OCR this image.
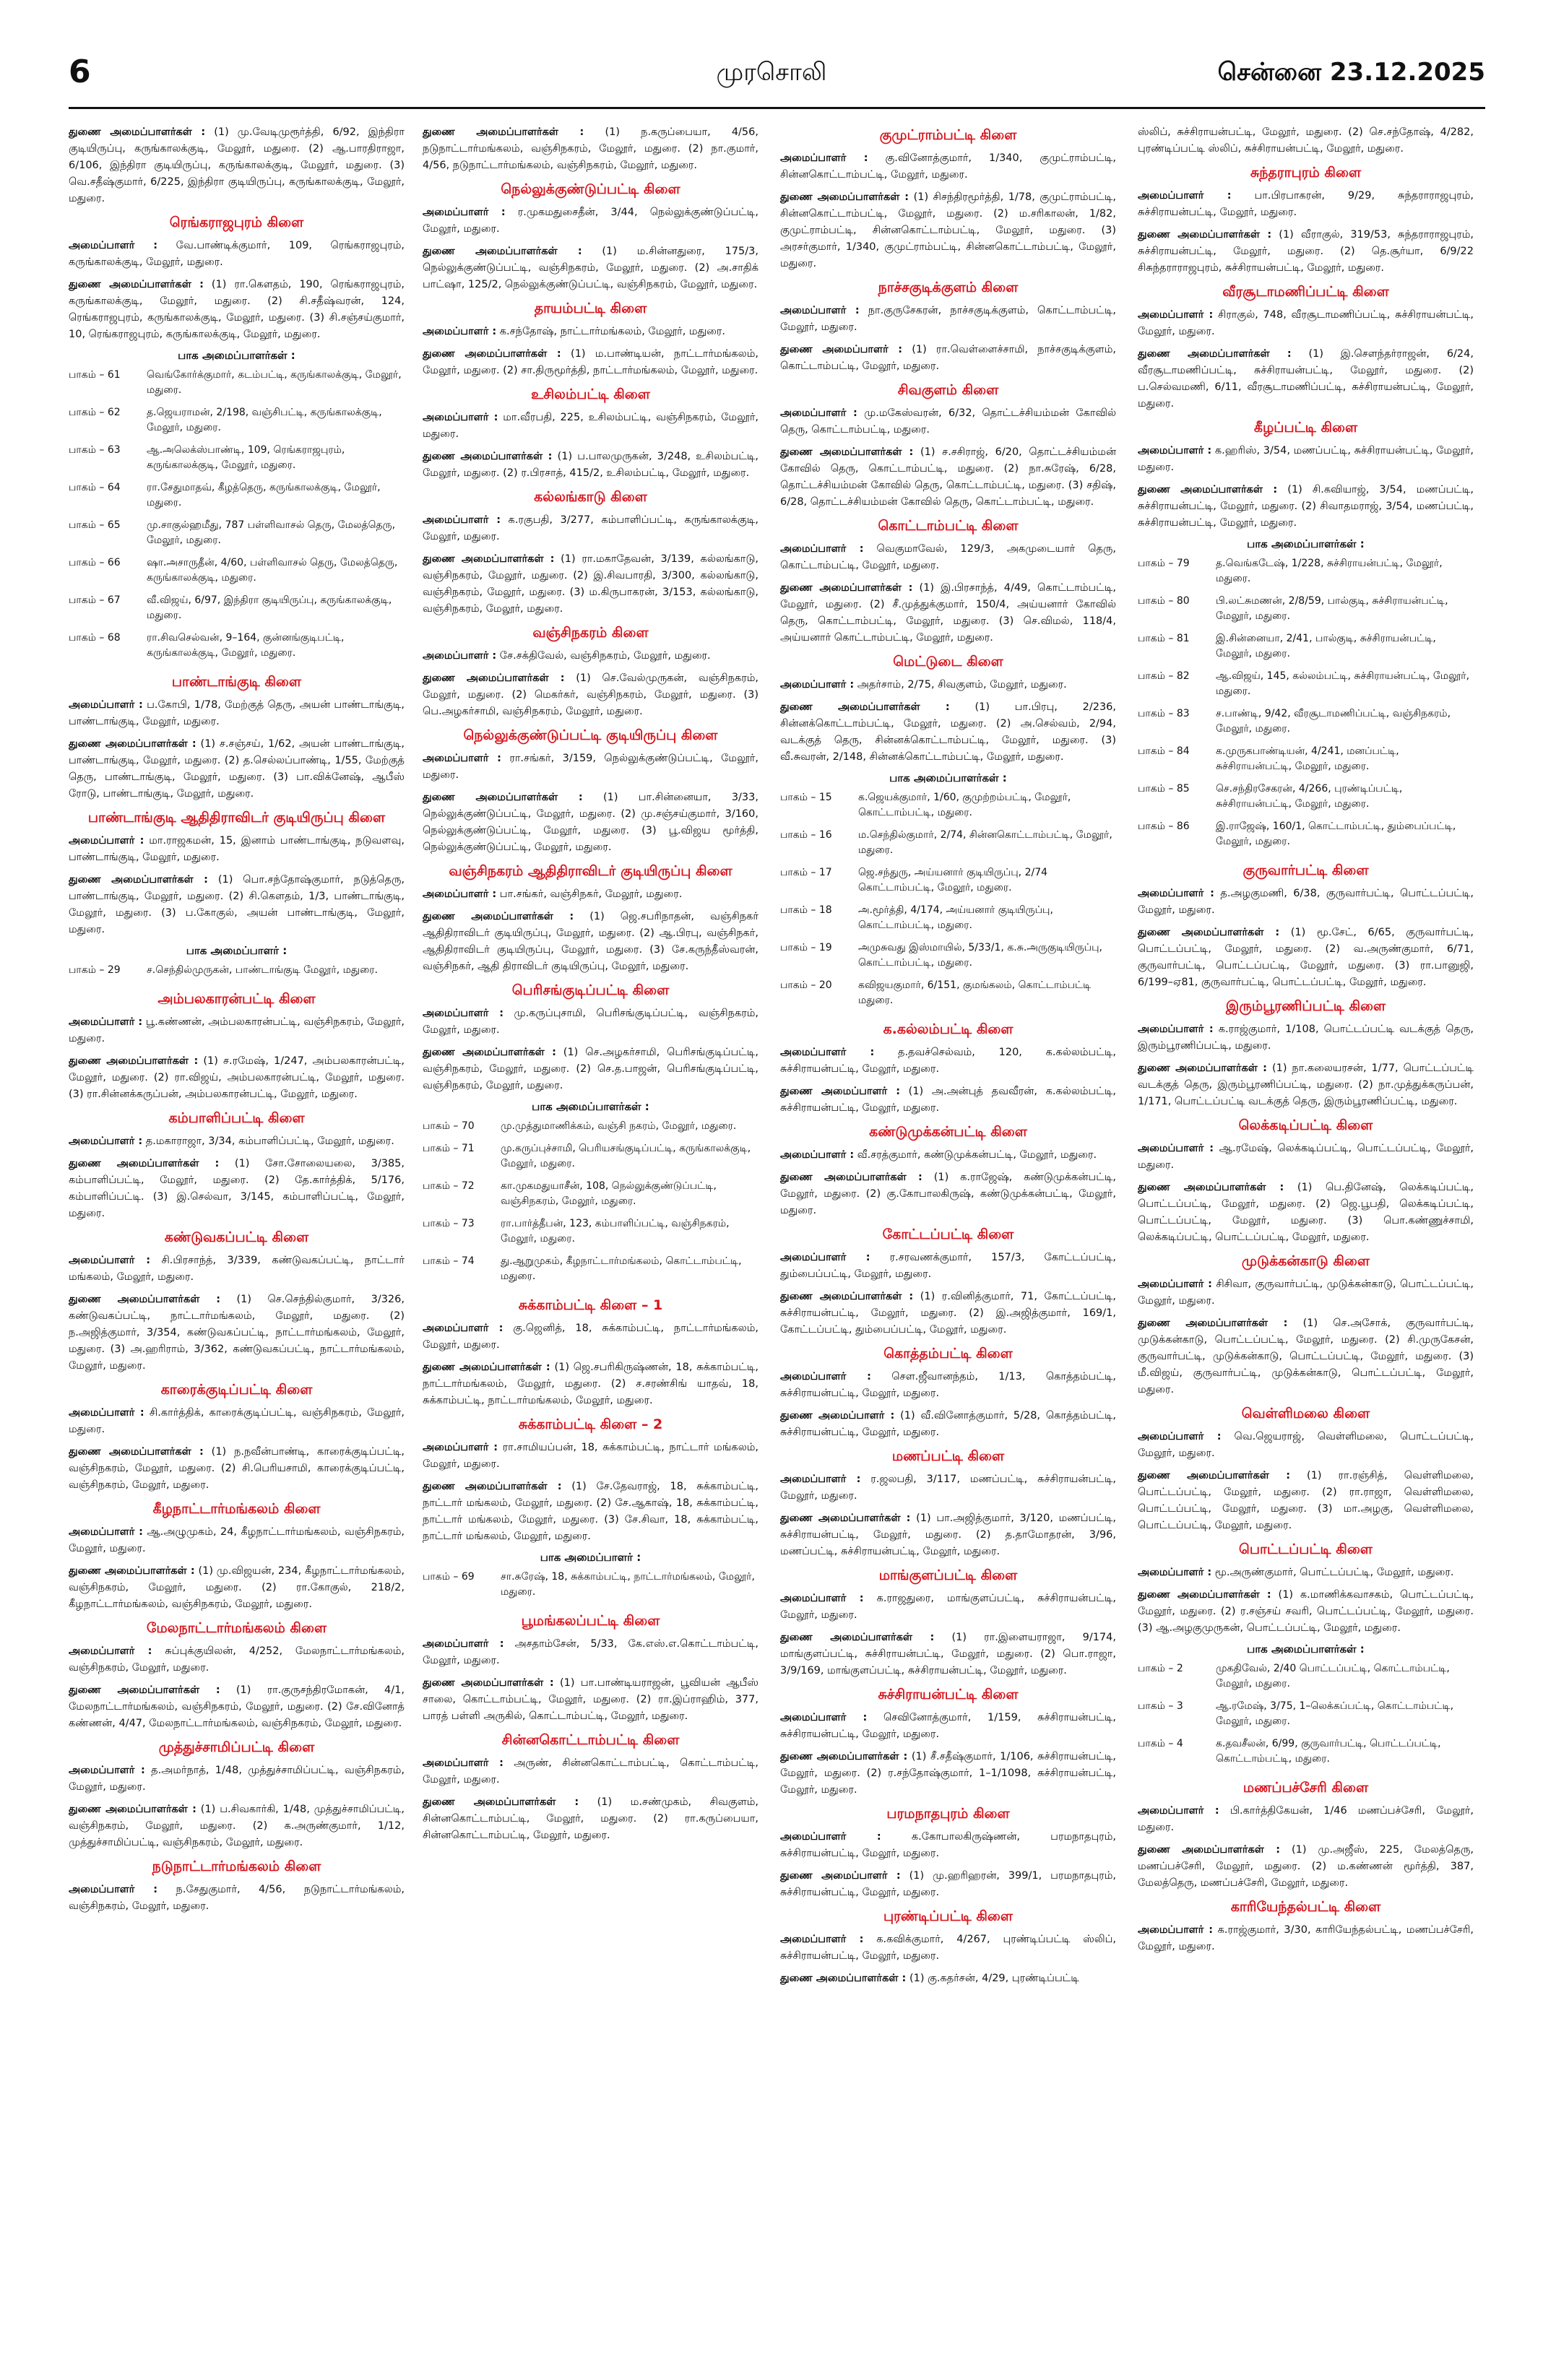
6	முரசொலி	சென்னை 23.12.2025

துணை அமைப்பாளர்கள் : (1) மு.வேடிமுரூர்த்தி, 6/92, இந்திரா குடியிருப்பு, கருங்காலக்குடி, மேலூர், மதுரை. (2) ஆ.பாரதிராஜா, 6/106, இந்திரா குடியிருப்பு, கருங்காலக்குடி, மேலூர், மதுரை. (3) வெ.சதீஷ்குமார், 6/225, இந்திரா குடியிருப்பு, கருங்காலக்குடி, மேலூர், மதுரை.

ரெங்கராஜபுரம் கிளை

அமைப்பாளர் : வே.பாண்டிக்குமார், 109, ரெங்கராஜபுரம், கருங்காலக்குடி, மேலூர், மதுரை.

துணை அமைப்பாளர்கள் : (1) ரா.கௌதம், 190, ரெங்கராஜபுரம், கருங்காலக்குடி, மேலூர், மதுரை. (2) சி.சதீஷ்வரன், 124, ரெங்கராஜபுரம், கருங்காலக்குடி, மேலூர், மதுரை. (3) சி.சஞ்சய்குமார், 10, ரெங்கராஜபுரம், கருங்காலக்குடி, மேலூர், மதுரை.

பாக அமைப்பாளர்கள் :
பாகம் – 61	வெங்கோர்க்குமார், கடம்பட்டி, கருங்காலக்குடி, மேலூர், மதுரை.
பாகம் – 62	த.ஜெயராமன், 2/198, வஞ்சிபட்டி, கருங்காலக்குடி, மேலூர், மதுரை.
பாகம் – 63	ஆ.அலெக்ஸ்பாண்டி, 109, ரெங்கராஜபுரம், கருங்காலக்குடி, மேலூர், மதுரை.
பாகம் – 64	ரா.சேதுமாதவ், கீழத்தெரு, கருங்காலக்குடி, மேலூர், மதுரை.
பாகம் – 65	மு.சாகுல்ஹமீது, 787 பள்ளிவாசல் தெரு, மேலத்தெரு, மேலூர், மதுரை.
பாகம் – 66	ஷா.அசாருதீன், 4/60, பள்ளிவாசல் தெரு, மேலத்தெரு, கருங்காலக்குடி, மதுரை.
பாகம் – 67	வீ.விஜய், 6/97, இந்திரா குடியிருப்பு, கருங்காலக்குடி, மதுரை.
பாகம் – 68	ரா.சிவசெல்வன், 9–164, குன்னங்குடிபட்டி, கருங்காலக்குடி, மேலூர், மதுரை.
பாண்டாங்குடி கிளை

அமைப்பாளர் : ப.கோபி, 1/78, மேற்குத் தெரு, அயன் பாண்டாங்குடி, பாண்டாங்குடி, மேலூர், மதுரை.

துணை அமைப்பாளர்கள் : (1) ச.சஞ்சய், 1/62, அயன் பாண்டாங்குடி, பாண்டாங்குடி, மேலூர், மதுரை. (2) த.செல்லப்பாண்டி, 1/55, மேற்குத் தெரு, பாண்டாங்குடி, மேலூர், மதுரை. (3) பா.விக்னேஷ், ஆபீஸ் ரோடு, பாண்டாங்குடி, மேலூர், மதுரை.

பாண்டாங்குடி ஆதிதிராவிடர் குடியிருப்பு கிளை

அமைப்பாளர் : மா.ராஜகமன், 15, இனாம் பாண்டாங்குடி, நடுவளவு, பாண்டாங்குடி, மேலூர், மதுரை.

துணை அமைப்பாளர்கள் : (1) பொ.சந்தோஷ்குமார், நடுத்தெரு, பாண்டாங்குடி, மேலூர், மதுரை. (2) சி.கௌதம், 1/3, பாண்டாங்குடி, மேலூர், மதுரை. (3) ப.கோகுல், அயன் பாண்டாங்குடி, மேலூர், மதுரை.

பாக அமைப்பாளர் :
பாகம் – 29	ச.செந்தில்முருகன், பாண்டாங்குடி மேலூர், மதுரை.
அம்பலகாரன்பட்டி கிளை

அமைப்பாளர் : பூ.கண்ணன், அம்பலகாரன்பட்டி, வஞ்சிநகரம், மேலூர், மதுரை.

துணை அமைப்பாளர்கள் : (1) ச.ரமேஷ், 1/247, அம்பலகாரன்பட்டி, மேலூர், மதுரை. (2) ரா.விஜய், அம்பலகாரன்பட்டி, மேலூர், மதுரை. (3) ரா.சின்னக்கருப்பன், அம்பலகாரன்பட்டி, மேலூர், மதுரை.

கம்பாளிப்பட்டி கிளை

அமைப்பாளர் : த.மகாராஜா, 3/34, கம்பாளிப்பட்டி, மேலூர், மதுரை.

துணை அமைப்பாளர்கள் : (1) சோ.சோலையலை, 3/385, கம்பாளிப்பட்டி, மேலூர், மதுரை. (2) தே.கார்த்திக், 5/176, கம்பாளிப்பட்டி. (3) இ.செல்வா, 3/145, கம்பாளிப்பட்டி, மேலூர், மதுரை.

கண்டுவகப்பட்டி கிளை

அமைப்பாளர் : சி.பிரசாந்த், 3/339, கண்டுவகப்பட்டி, நாட்டார் மங்கலம், மேலூர், மதுரை.

துணை அமைப்பாளர்கள் : (1) செ.செந்தில்குமார், 3/326, கண்டுவகப்பட்டி, நாட்டார்மங்கலம், மேலூர், மதுரை. (2) ந.அஜித்குமார், 3/354, கண்டுவகப்பட்டி, நாட்டார்மங்கலம், மேலூர், மதுரை. (3) அ.ஹரிராம், 3/362, கண்டுவகப்பட்டி, நாட்டார்மங்கலம், மேலூர், மதுரை.

காரைக்குடிப்பட்டி கிளை

அமைப்பாளர் : சி.கார்த்திக், காரைக்குடிப்பட்டி, வஞ்சிநகரம், மேலூர், மதுரை.

துணை அமைப்பாளர்கள் : (1) ந.நவீன்பாண்டி, காரைக்குடிப்பட்டி, வஞ்சிநகரம், மேலூர், மதுரை. (2) சி.பெரியசாமி, காரைக்குடிப்பட்டி, வஞ்சிநகரம், மேலூர், மதுரை.

கீழநாட்டார்மங்கலம் கிளை

அமைப்பாளர் : ஆ.அழுமுகம், 24, கீழநாட்டார்மங்கலம், வஞ்சிநகரம், மேலூர், மதுரை.

துணை அமைப்பாளர்கள் : (1) மு.விஜயன், 234, கீழநாட்டார்மங்கலம், வஞ்சிநகரம், மேலூர், மதுரை. (2) ரா.கோகுல், 218/2, கீழநாட்டார்மங்கலம், வஞ்சிநகரம், மேலூர், மதுரை.

மேலநாட்டார்மங்கலம் கிளை

அமைப்பாளர் : சுப்புக்குயிலன், 4/252, மேலநாட்டார்மங்கலம், வஞ்சிநகரம், மேலூர், மதுரை.

துணை அமைப்பாளர்கள் : (1) ரா.குருசந்திரமோகன், 4/1, மேலநாட்டார்மங்கலம், வஞ்சிநகரம், மேலூர், மதுரை. (2) சே.வினோத் கண்ணன், 4/47, மேலநாட்டார்மங்கலம், வஞ்சிநகரம், மேலூர், மதுரை.

முத்துச்சாமிப்பட்டி கிளை

அமைப்பாளர் : த.அமர்நாத், 1/48, முத்துச்சாமிப்பட்டி, வஞ்சிநகரம், மேலூர், மதுரை.

துணை அமைப்பாளர்கள் : (1) ப.சிவகார்கி, 1/48, முத்துச்சாமிப்பட்டி, வஞ்சிநகரம், மேலூர், மதுரை. (2) க.அருண்குமார், 1/12, முத்துச்சாமிப்பட்டி, வஞ்சிநகரம், மேலூர், மதுரை.

நடுநாட்டார்மங்கலம் கிளை

அமைப்பாளர் : ந.சேதுகுமார், 4/56, நடுநாட்டார்மங்கலம், வஞ்சிநகரம், மேலூர், மதுரை.

துணை அமைப்பாளர்கள் : (1) ந.கருப்பையா, 4/56, நடுநாட்டார்மங்கலம், வஞ்சிநகரம், மேலூர், மதுரை. (2) நா.குமார், 4/56, நடுநாட்டார்மங்கலம், வஞ்சிநகரம், மேலூர், மதுரை.

நெல்லுக்குண்டுப்பட்டி கிளை

அமைப்பாளர் : ர.முகமதுசைதீன், 3/44, நெல்லுக்குண்டுப்பட்டி, மேலூர், மதுரை.

துணை அமைப்பாளர்கள் : (1) ம.சின்னதுரை, 175/3, நெல்லுக்குண்டுப்பட்டி, வஞ்சிநகரம், மேலூர், மதுரை. (2) அ.சாதிக் பாட்ஷா, 125/2, நெல்லுக்குண்டுப்பட்டி, வஞ்சிநகரம், மேலூர், மதுரை.

தாயம்பட்டி கிளை

அமைப்பாளர் : க.சந்தோஷ், நாட்டார்மங்கலம், மேலூர், மதுரை.

துணை அமைப்பாளர்கள் : (1) ம.பாண்டியன், நாட்டார்மங்கலம், மேலூர், மதுரை. (2) சா.திருமூர்த்தி, நாட்டார்மங்கலம், மேலூர், மதுரை.

உசிலம்பட்டி கிளை

அமைப்பாளர் : மா.வீரபதி, 225, உசிலம்பட்டி, வஞ்சிநகரம், மேலூர், மதுரை.

துணை அமைப்பாளர்கள் : (1) ப.பாலமுருகன், 3/248, உசிலம்பட்டி, மேலூர், மதுரை. (2) ர.பிரசாத், 415/2, உசிலம்பட்டி, மேலூர், மதுரை.

கல்லங்காடு கிளை

அமைப்பாளர் : க.ரகுபதி, 3/277, கம்பாளிப்பட்டி, கருங்காலக்குடி, மேலூர், மதுரை.

துணை அமைப்பாளர்கள் : (1) ரா.மகாதேவன், 3/139, கல்லங்காடு, வஞ்சிநகரம், மேலூர், மதுரை. (2) இ.சிவபாரதி, 3/300, கல்லங்காடு, வஞ்சிநகரம், மேலூர், மதுரை. (3) ம.கிருபாகரன், 3/153, கல்லங்காடு, வஞ்சிநகரம், மேலூர், மதுரை.

வஞ்சிநகரம் கிளை

அமைப்பாளர் : சே.சக்திவேல், வஞ்சிநகரம், மேலூர், மதுரை.

துணை அமைப்பாளர்கள் : (1) செ.வேல்முருகன், வஞ்சிநகரம், மேலூர், மதுரை. (2) மெகர்கர், வஞ்சிநகரம், மேலூர், மதுரை. (3) பெ.அழகர்சாமி, வஞ்சிநகரம், மேலூர், மதுரை.

நெல்லுக்குண்டுப்பட்டி குடியிருப்பு கிளை

அமைப்பாளர் : ரா.சங்கர், 3/159, நெல்லுக்குண்டுப்பட்டி, மேலூர், மதுரை.

துணை அமைப்பாளர்கள் : (1) பா.சின்னையா, 3/33, நெல்லுக்குண்டுப்பட்டி, மேலூர், மதுரை. (2) மு.சஞ்சய்குமார், 3/160, நெல்லுக்குண்டுப்பட்டி, மேலூர், மதுரை. (3) பூ.விஜய மூர்த்தி, நெல்லுக்குண்டுப்பட்டி, மேலூர், மதுரை.

வஞ்சிநகரம் ஆதிதிராவிடர் குடியிருப்பு கிளை

அமைப்பாளர் : பா.சங்கர், வஞ்சிநகர், மேலூர், மதுரை.

துணை அமைப்பாளர்கள் : (1) ஜெ.சபரிநாதன், வஞ்சிநகர் ஆதிதிராவிடர் குடியிருப்பு, மேலூர், மதுரை. (2) ஆ.பிரபு, வஞ்சிநகர், ஆதிதிராவிடர் குடியிருப்பு, மேலூர், மதுரை. (3) சே.கருந்தீஸ்வரன், வஞ்சிநகர், ஆதி திராவிடர் குடியிருப்பு, மேலூர், மதுரை.

பெரிசங்குடிப்பட்டி கிளை

அமைப்பாளர் : மு.கருப்புசாமி, பெரிசங்குடிப்பட்டி, வஞ்சிநகரம், மேலூர், மதுரை.

துணை அமைப்பாளர்கள் : (1) செ.அழகர்சாமி, பெரிசங்குடிப்பட்டி, வஞ்சிநகரம், மேலூர், மதுரை. (2) செ.த.பாஜன், பெரிசங்குடிப்பட்டி, வஞ்சிநகரம், மேலூர், மதுரை.

பாக அமைப்பாளர்கள் :
பாகம் – 70	மு.முத்துமாணிக்கம், வஞ்சி நகரம், மேலூர், மதுரை.
பாகம் – 71	மு.கருப்புச்சாமி, பெரியசங்குடிப்பட்டி, கருங்காலக்குடி, மேலூர், மதுரை.
பாகம் – 72	கா.முகமதுயாசீன், 108, நெல்லுக்குண்டுப்பட்டி, வஞ்சிநகரம், மேலூர், மதுரை.
பாகம் – 73	ரா.பார்த்தீபன், 123, கம்பாளிப்பட்டி, வஞ்சிநகரம், மேலூர், மதுரை.
பாகம் – 74	து.ஆறுமுகம், கீழநாட்டார்மங்கலம், கொட்டாம்பட்டி, மதுரை.
சுக்காம்பட்டி கிளை – 1

அமைப்பாளர் : கு.ஜெனித், 18, சுக்காம்பட்டி, நாட்டார்மங்கலம், மேலூர், மதுரை.

துணை அமைப்பாளர்கள் : (1) ஜெ.சபரிகிருஷ்ணன், 18, சுக்காம்பட்டி, நாட்டார்மங்கலம், மேலூர், மதுரை. (2) ச.சரண்சிங் யாதவ், 18, சுக்காம்பட்டி, நாட்டார்மங்கலம், மேலூர், மதுரை.

சுக்காம்பட்டி கிளை – 2

அமைப்பாளர் : ரா.சாமியப்பன், 18, சுக்காம்பட்டி, நாட்டார் மங்கலம், மேலூர், மதுரை.

துணை அமைப்பாளர்கள் : (1) சே.தேவராஜ், 18, சுக்காம்பட்டி, நாட்டார் மங்கலம், மேலூர், மதுரை. (2) சே.ஆகாஷ், 18, சுக்காம்பட்டி, நாட்டார் மங்கலம், மேலூர், மதுரை. (3) சே.சிவா, 18, சுக்காம்பட்டி, நாட்டார் மங்கலம், மேலூர், மதுரை.

பாக அமைப்பாளர் :
பாகம் – 69	சா.சுரேஷ், 18, சுக்காம்பட்டி, நாட்டார்மங்கலம், மேலூர், மதுரை.
பூமங்கலப்பட்டி கிளை

அமைப்பாளர் : அசதாம்சேன், 5/33, கே.எஸ்.எ.கொட்டாம்பட்டி, மேலூர், மதுரை.

துணை அமைப்பாளர்கள் : (1) பா.பாண்டியராஜன், பூவியன் ஆபீஸ் சாலை, கொட்டாம்பட்டி, மேலூர், மதுரை. (2) ரா.இப்ராஹிம், 377, பாரத் பள்ளி அருகில், கொட்டாம்பட்டி, மேலூர், மதுரை.

சின்னகொட்டாம்பட்டி கிளை

அமைப்பாளர் : அருண், சின்னகொட்டாம்பட்டி, கொட்டாம்பட்டி, மேலூர், மதுரை.

துணை அமைப்பாளர்கள் : (1) ம.சண்முகம், சிவகுளம், சின்னகொட்டாம்பட்டி, மேலூர், மதுரை. (2) ரா.கருப்பையா, சின்னகொட்டாம்பட்டி, மேலூர், மதுரை.

குமுட்ராம்பட்டி கிளை

அமைப்பாளர் : கு.வினோத்குமார், 1/340, குமுட்ராம்பட்டி, சின்னகொட்டாம்பட்டி, மேலூர், மதுரை.

துணை அமைப்பாளர்கள் : (1) சிசந்திரமூர்த்தி, 1/78, குமுட்ராம்பட்டி, சின்னகொட்டாம்பட்டி, மேலூர், மதுரை. (2) ம.சரிகாலன், 1/82, குமுட்ராம்பட்டி, சின்னகொட்டாம்பட்டி, மேலூர், மதுரை. (3) அரசர்குமார், 1/340, குமுட்ராம்பட்டி, சின்னகொட்டாம்பட்டி, மேலூர், மதுரை.

நாச்சகுடிக்குளம் கிளை

அமைப்பாளர் : நா.குருசேகரன், நாச்சகுடிக்குளம், கொட்டாம்பட்டி, மேலூர், மதுரை.

துணை அமைப்பாளர் : (1) ரா.வெள்ளைச்சாமி, நாச்சகுடிக்குளம், கொட்டாம்பட்டி, மேலூர், மதுரை.

சிவகுளம் கிளை

அமைப்பாளர் : மு.மகேஸ்வரன், 6/32, தொட்டச்சியம்மன் கோவில் தெரு, கொட்டாம்பட்டி, மதுரை.

துணை அமைப்பாளர்கள் : (1) ச.சசிராஜ், 6/20, தொட்டச்சியம்மன் கோவில் தெரு, கொட்டாம்பட்டி, மதுரை. (2) நா.சுரேஷ், 6/28, தொட்டச்சியம்மன் கோவில் தெரு, கொட்டாம்பட்டி, மதுரை. (3) சதிஷ், 6/28, தொட்டச்சியம்மன் கோவில் தெரு, கொட்டாம்பட்டி, மதுரை.

கொட்டாம்பட்டி கிளை

அமைப்பாளர் : வெகுமாவேல், 129/3, அகமுடையார் தெரு, கொட்டாம்பட்டி, மேலூர், மதுரை.

துணை அமைப்பாளர்கள் : (1) இ.பிரசாந்த், 4/49, கொட்டாம்பட்டி, மேலூர், மதுரை. (2) சீ.முத்துக்குமார், 150/4, அய்யனார் கோவில் தெரு, கொட்டாம்பட்டி, மேலூர், மதுரை. (3) செ.விமல், 118/4, அய்யனார் கொட்டாம்பட்டி, மேலூர், மதுரை.

மெட்டுடை கிளை

அமைப்பாளர் : அதர்சாம், 2/75, சிவகுளம், மேலூர், மதுரை.

துணை அமைப்பாளர்கள் : (1) பா.பிரபு, 2/236, சின்னக்கொட்டாம்பட்டி, மேலூர், மதுரை. (2) அ.செல்வம், 2/94, வடக்குத் தெரு, சின்னக்கொட்டாம்பட்டி, மேலூர், மதுரை. (3) வீ.சுவரன், 2/148, சின்னக்கொட்டாம்பட்டி, மேலூர், மதுரை.

பாக அமைப்பாளர்கள் :
பாகம் – 15	க.ஜெயக்குமார், 1/60, குமுற்றம்பட்டி, மேலூர், கொட்டாம்பட்டி, மதுரை.
பாகம் – 16	ம.செந்தில்குமார், 2/74, சின்னகொட்டாம்பட்டி, மேலூர், மதுரை.
பாகம் – 17	ஜெ.சந்துரு, அய்யனார் குடியிருப்பு, 2/74 கொட்டாம்பட்டி, மேலூர், மதுரை.
பாகம் – 18	அ.மூர்த்தி, 4/174, அய்யனார் குடியிருப்பு, கொட்டாம்பட்டி, மதுரை.
பாகம் – 19	அமுசுவது இஸ்மாயில், 5/33/1, க.சு.அருகுடியிருப்பு, கொட்டாம்பட்டி, மதுரை.
பாகம் – 20	கவிஜயகுமார், 6/151, குமங்கலம், கொட்டாம்பட்டி மதுரை.
க.கல்லம்பட்டி கிளை

அமைப்பாளர் : த.தவச்செல்வம், 120, க.கல்லம்பட்டி, சுச்சிராயன்பட்டி, மேலூர், மதுரை.

துணை அமைப்பாளர் : (1) அ.அன்புத் தவவீரன், க.கல்லம்பட்டி, சுச்சிராயன்பட்டி, மேலூர், மதுரை.

கண்டுமுக்கன்பட்டி கிளை

அமைப்பாளர் : வீ.சரத்குமார், கண்டுமுக்கன்பட்டி, மேலூர், மதுரை.

துணை அமைப்பாளர்கள் : (1) க.ராஜேஷ், கண்டுமுக்கன்பட்டி, மேலூர், மதுரை. (2) கு.கோபாலகிருஷ், கண்டுமுக்கன்பட்டி, மேலூர், மதுரை.

கோட்டப்பட்டி கிளை

அமைப்பாளர் : ர.சரவணக்குமார், 157/3, கோட்டப்பட்டி, தும்பைப்பட்டி, மேலூர், மதுரை.

துணை அமைப்பாளர்கள் : (1) ர.வினித்குமார், 71, கோட்டப்பட்டி, சுச்சிராயன்பட்டி, மேலூர், மதுரை. (2) இ.அஜித்குமார், 169/1, கோட்டப்பட்டி, தும்பைப்பட்டி, மேலூர், மதுரை.

கொத்தம்பட்டி கிளை

அமைப்பாளர் : சௌ.ஜீவானந்தம், 1/13, கொத்தம்பட்டி, சுச்சிராயன்பட்டி, மேலூர், மதுரை.

துணை அமைப்பாளர் : (1) வீ.வினோத்குமார், 5/28, கொத்தம்பட்டி, சுச்சிராயன்பட்டி, மேலூர், மதுரை.

மணப்பட்டி கிளை

அமைப்பாளர் : ர.ஜலபதி, 3/117, மணப்பட்டி, சுச்சிராயன்பட்டி, மேலூர், மதுரை.

துணை அமைப்பாளர்கள் : (1) பா.அஜித்குமார், 3/120, மணப்பட்டி, சுச்சிராயன்பட்டி, மேலூர், மதுரை. (2) த.தாமோதரன், 3/96, மணப்பட்டி, சுச்சிராயன்பட்டி, மேலூர், மதுரை.

மாங்குளப்பட்டி கிளை

அமைப்பாளர் : க.ராஜதுரை, மாங்குளப்பட்டி, சுச்சிராயன்பட்டி, மேலூர், மதுரை.

துணை அமைப்பாளர்கள் : (1) ரா.இளையராஜா, 9/174, மாங்குளப்பட்டி, சுச்சிராயன்பட்டி, மேலூர், மதுரை. (2) பொ.ராஜா, 3/9/169, மாங்குளப்பட்டி, சுச்சிராயன்பட்டி, மேலூர், மதுரை.

சுச்சிராயன்பட்டி கிளை

அமைப்பாளர் : செவினோத்குமார், 1/159, சுச்சிராயன்பட்டி, சுச்சிராயன்பட்டி, மேலூர், மதுரை.

துணை அமைப்பாளர்கள் : (1) சீ.சதீஷ்குமார், 1/106, சுச்சிராயன்பட்டி, மேலூர், மதுரை. (2) ர.சந்தோஷ்குமார், 1–1/1098, சுச்சிராயன்பட்டி, மேலூர், மதுரை.

பரமநாதபுரம் கிளை

அமைப்பாளர் :	க.கோபாலகிருஷ்ணன், பரமநாதபுரம், சுச்சிராயன்பட்டி, மேலூர், மதுரை.

துணை அமைப்பாளர் : (1) மு.ஹரிஹரன், 399/1, பரமநாதபுரம், சுச்சிராயன்பட்டி, மேலூர், மதுரை.

புரண்டிப்பட்டி கிளை

அமைப்பாளர் : க.கவிக்குமார், 4/267, புரண்டிப்பட்டி ஸ்லிப், சுச்சிராயன்பட்டி, மேலூர், மதுரை.

துணை அமைப்பாளர்கள் : (1) கு.கதர்சன், 4/29, புரண்டிப்பட்டி

ஸ்லிப், சுச்சிராயன்பட்டி, மேலூர், மதுரை. (2) செ.சந்தோஷ், 4/282, புரண்டிப்பட்டி ஸ்லிப், சுச்சிராயன்பட்டி, மேலூர், மதுரை.

சுந்தராபுரம் கிளை

அமைப்பாளர் : பா.பிரபாகரன், 9/29, சுந்தராராஜபுரம், சுச்சிராயன்பட்டி, மேலூர், மதுரை.

துணை அமைப்பாளர்கள் : (1) வீராகுல், 319/53, சுந்தராராஜபுரம், சுச்சிராயன்பட்டி, மேலூர், மதுரை. (2) தெ.சூர்யா, 6/9/22 சிசுந்தராராஜபுரம், சுச்சிராயன்பட்டி, மேலூர், மதுரை.

வீரசூடாமணிப்பட்டி கிளை

அமைப்பாளர் : சிராகுல், 748, வீரசூடாமணிப்பட்டி, சுச்சிராயன்பட்டி, மேலூர், மதுரை.

துணை அமைப்பாளர்கள் : (1) இ.சௌந்தர்ராஜன், 6/24, வீரசூடாமணிப்பட்டி, சுச்சிராயன்பட்டி, மேலூர், மதுரை. (2) ப.செல்வமணி, 6/11, வீரசூடாமணிப்பட்டி, சுச்சிராயன்பட்டி, மேலூர், மதுரை.

கீழப்பட்டி கிளை

அமைப்பாளர் : க.ஹரிஸ், 3/54, மணப்பட்டி, சுச்சிராயன்பட்டி, மேலூர், மதுரை.

துணை அமைப்பாளர்கள் : (1) சி.கவியாஜ், 3/54, மணப்பட்டி, சுச்சிராயன்பட்டி, மேலூர், மதுரை. (2) சிவாதமராஜ், 3/54, மணப்பட்டி, சுச்சிராயன்பட்டி, மேலூர், மதுரை.

பாக அமைப்பாளர்கள் :
பாகம் – 79	த.வெங்கடேஷ், 1/228, சுச்சிராயன்பட்டி, மேலூர், மதுரை.
பாகம் – 80	பி.லட்சுமணன், 2/8/59, பால்குடி, சுச்சிராயன்பட்டி, மேலூர், மதுரை.
பாகம் – 81	இ.சின்னையா, 2/41, பால்குடி, சுச்சிராயன்பட்டி, மேலூர், மதுரை.
பாகம் – 82	ஆ.விஜய், 145, கல்லம்பட்டி, சுச்சிராயன்பட்டி, மேலூர், மதுரை.
பாகம் – 83	ச.பாண்டி, 9/42, வீரசூடாமணிப்பட்டி, வஞ்சிநகரம், மேலூர், மதுரை.
பாகம் – 84	க.முருகபாண்டியன், 4/241, மனப்பட்டி, சுச்சிராயன்பட்டி, மேலூர், மதுரை.
பாகம் – 85	செ.சந்திரசேகரன், 4/266, புரண்டிப்பட்டி, சுச்சிராயன்பட்டி, மேலூர், மதுரை.
பாகம் – 86	இ.ராஜேஷ், 160/1, கொட்டாம்பட்டி, தும்பைப்பட்டி, மேலூர், மதுரை.
குருவார்பட்டி கிளை

அமைப்பாளர் : த.அழகுமணி, 6/38, குருவார்பட்டி, பொட்டப்பட்டி, மேலூர், மதுரை.

துணை அமைப்பாளர்கள் : (1) மூ.சேட், 6/65, குருவார்பட்டி, பொட்டப்பட்டி, மேலூர், மதுரை. (2) வ.அருண்குமார், 6/71, குருவார்பட்டி, பொட்டப்பட்டி, மேலூர், மதுரை. (3) ரா.பானுஜி, 6/199–ஏ81, குருவார்பட்டி, பொட்டப்பட்டி, மேலூர், மதுரை.

இரும்பூரணிப்பட்டி கிளை

அமைப்பாளர் : க.ராஜ்குமார், 1/108, பொட்டப்பட்டி வடக்குத் தெரு, இரும்பூரணிப்பட்டி, மதுரை.

துணை அமைப்பாளர்கள் : (1) நா.கலையரசன், 1/77, பொட்டப்பட்டி வடக்குத் தெரு, இரும்பூரணிப்பட்டி, மதுரை. (2) நா.முத்துக்கருப்பன், 1/171, பொட்டப்பட்டி வடக்குத் தெரு, இரும்பூரணிப்பட்டி, மதுரை.

லெக்கடிப்பட்டி கிளை

அமைப்பாளர் : ஆ.ரமேஷ், லெக்கடிப்பட்டி, பொட்டப்பட்டி, மேலூர், மதுரை.

துணை அமைப்பாளர்கள் : (1) பெ.தினேஷ், லெக்கடிப்பட்டி, பொட்டப்பட்டி, மேலூர், மதுரை. (2) ஜெ.பூபதி, லெக்கடிப்பட்டி, பொட்டப்பட்டி, மேலூர், மதுரை. (3) பொ.கண்ணுச்சாமி, லெக்கடிப்பட்டி, பொட்டப்பட்டி, மேலூர், மதுரை.

முடுக்கன்காடு கிளை

அமைப்பாளர் : சிசிவா, குருவார்பட்டி, முடுக்கன்காடு, பொட்டப்பட்டி, மேலூர், மதுரை.

துணை அமைப்பாளர்கள் : (1) செ.அசோக், குருவார்பட்டி, முடுக்கன்காடு, பொட்டப்பட்டி, மேலூர், மதுரை. (2) சி.முருகேசன், குருவார்பட்டி, முடுக்கன்காடு, பொட்டப்பட்டி, மேலூர், மதுரை. (3) மீ.விஜய், குருவார்பட்டி, முடுக்கன்காடு, பொட்டப்பட்டி, மேலூர், மதுரை.

வெள்ளிமலை கிளை

அமைப்பாளர் : வெ.ஜெயராஜ், வெள்ளிமலை, பொட்டப்பட்டி, மேலூர், மதுரை.

துணை அமைப்பாளர்கள் : (1) ரா.ரஞ்சித், வெள்ளிமலை, பொட்டப்பட்டி, மேலூர், மதுரை. (2) ரா.ராஜா, வெள்ளிமலை, பொட்டப்பட்டி, மேலூர், மதுரை. (3) மா.அழகு, வெள்ளிமலை, பொட்டப்பட்டி, மேலூர், மதுரை.

பொட்டப்பட்டி கிளை

அமைப்பாளர் : மூ.அருண்குமார், பொட்டப்பட்டி, மேலூர், மதுரை.

துணை அமைப்பாளர்கள் : (1) க.மாணிக்கவாசகம், பொட்டப்பட்டி, மேலூர், மதுரை. (2) ர.சஞ்சய் சவரி, பொட்டப்பட்டி, மேலூர், மதுரை. (3) ஆ.அழகுமுருகன், பொட்டப்பட்டி, மேலூர், மதுரை.

பாக அமைப்பாளர்கள் :
பாகம் – 2	முகதிவேல், 2/40 பொட்டப்பட்டி, கொட்டாம்பட்டி, மேலூர், மதுரை.
பாகம் – 3	ஆ.ரமேஷ், 3/75, 1–லெக்கப்பட்டி, கொட்டாம்பட்டி, மேலூர், மதுரை.
பாகம் – 4	க.தவசீலன், 6/99, குருவார்பட்டி, பொட்டப்பட்டி, கொட்டாம்பட்டி, மதுரை.
மணப்பச்சேரி கிளை

அமைப்பாளர் : பி.கார்த்திகேயன், 1/46 மணப்பச்சேரி, மேலூர், மதுரை.

துணை அமைப்பாளர்கள் : (1) மு.அஜீஸ், 225, மேலத்தெரு, மணப்பச்சேரி, மேலூர், மதுரை. (2) ம.கண்ணன் மூர்த்தி, 387, மேலத்தெரு, மணப்பச்சேரி, மேலூர், மதுரை.

காரியேந்தல்பட்டி கிளை

அமைப்பாளர் : க.ராஜ்குமார், 3/30, காரியேந்தல்பட்டி, மணப்பச்சேரி, மேலூர், மதுரை.
